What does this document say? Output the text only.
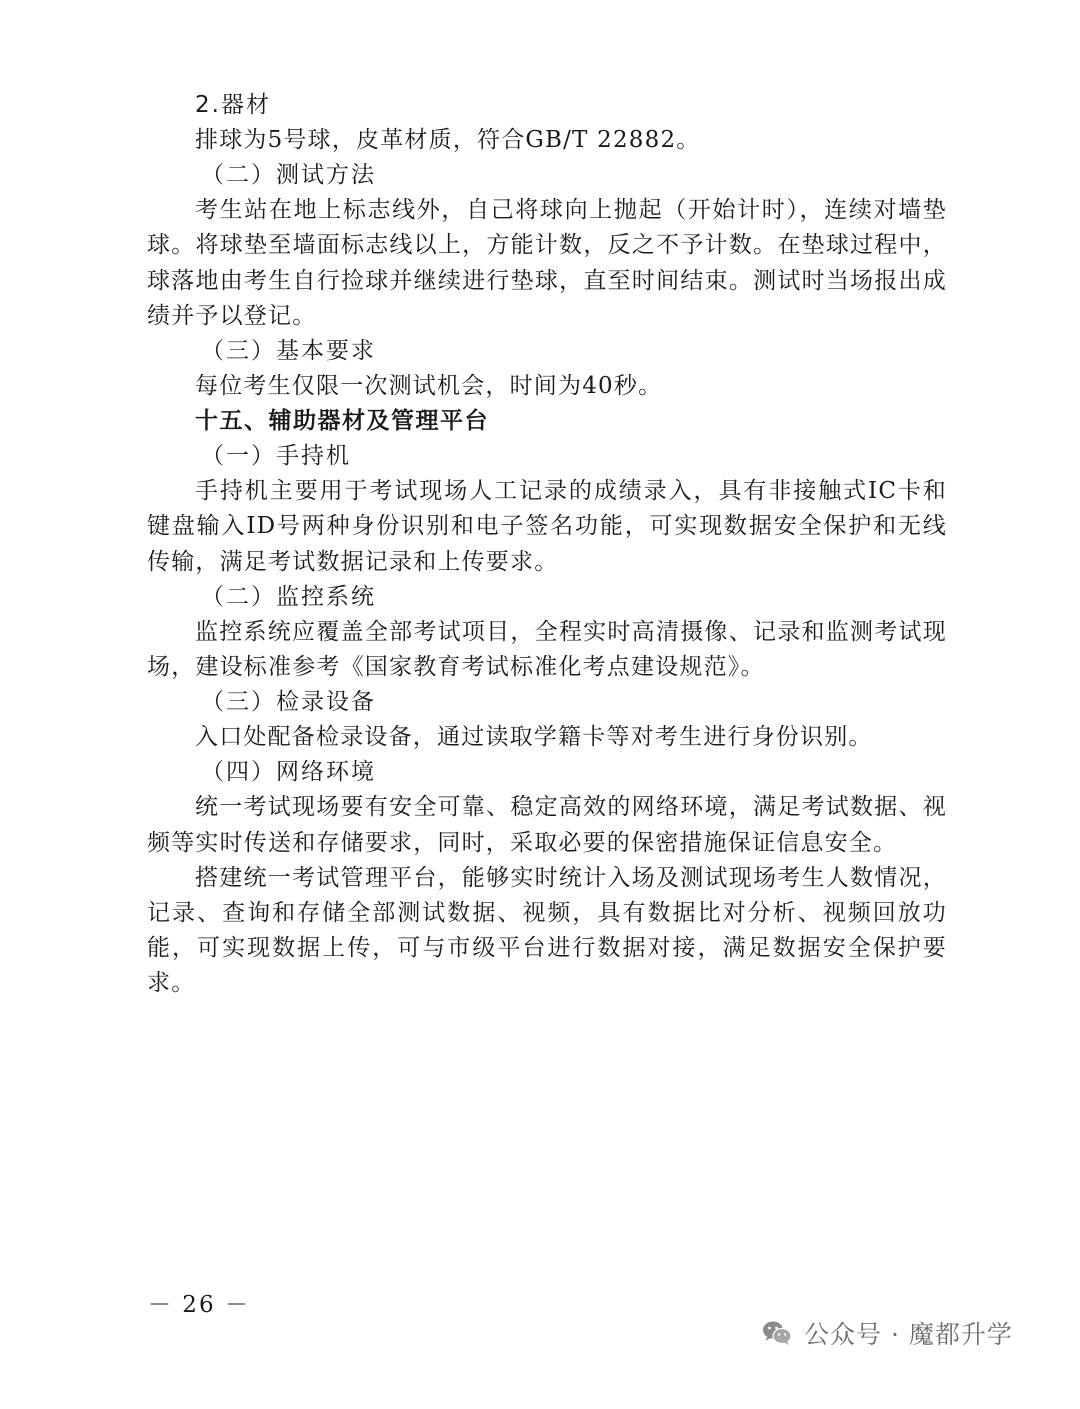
2.器材

排球为5号球，皮革材质，符合GB/T 22882。

（二）测试方法

考生站在地上标志线外，自己将球向上抛起（开始计时），连续对墙垫球。将球垫至墙面标志线以上，方能计数，反之不予计数。在垫球过程中，球落地由考生自行捡球并继续进行垫球，直至时间结束。测试时当场报出成绩并予以登记。

（三）基本要求

每位考生仅限一次测试机会，时间为40秒。

十五、辅助器材及管理平台

（一）手持机

手持机主要用于考试现场人工记录的成绩录入，具有非接触式IC卡和键盘输入ID号两种身份识别和电子签名功能，可实现数据安全保护和无线传输，满足考试数据记录和上传要求。

（二）监控系统

监控系统应覆盖全部考试项目，全程实时高清摄像、记录和监测考试现场，建设标准参考《国家教育考试标准化考点建设规范》。

（三）检录设备

入口处配备检录设备，通过读取学籍卡等对考生进行身份识别。

（四）网络环境

统一考试现场要有安全可靠、稳定高效的网络环境，满足考试数据、视频等实时传送和存储要求，同时，采取必要的保密措施保证信息安全。

搭建统一考试管理平台，能够实时统计入场及测试现场考生人数情况，记录、查询和存储全部测试数据、视频，具有数据比对分析、视频回放功能，可实现数据上传，可与市级平台进行数据对接，满足数据安全保护要求。

－ 26 －
公众号 · 魔都升学
